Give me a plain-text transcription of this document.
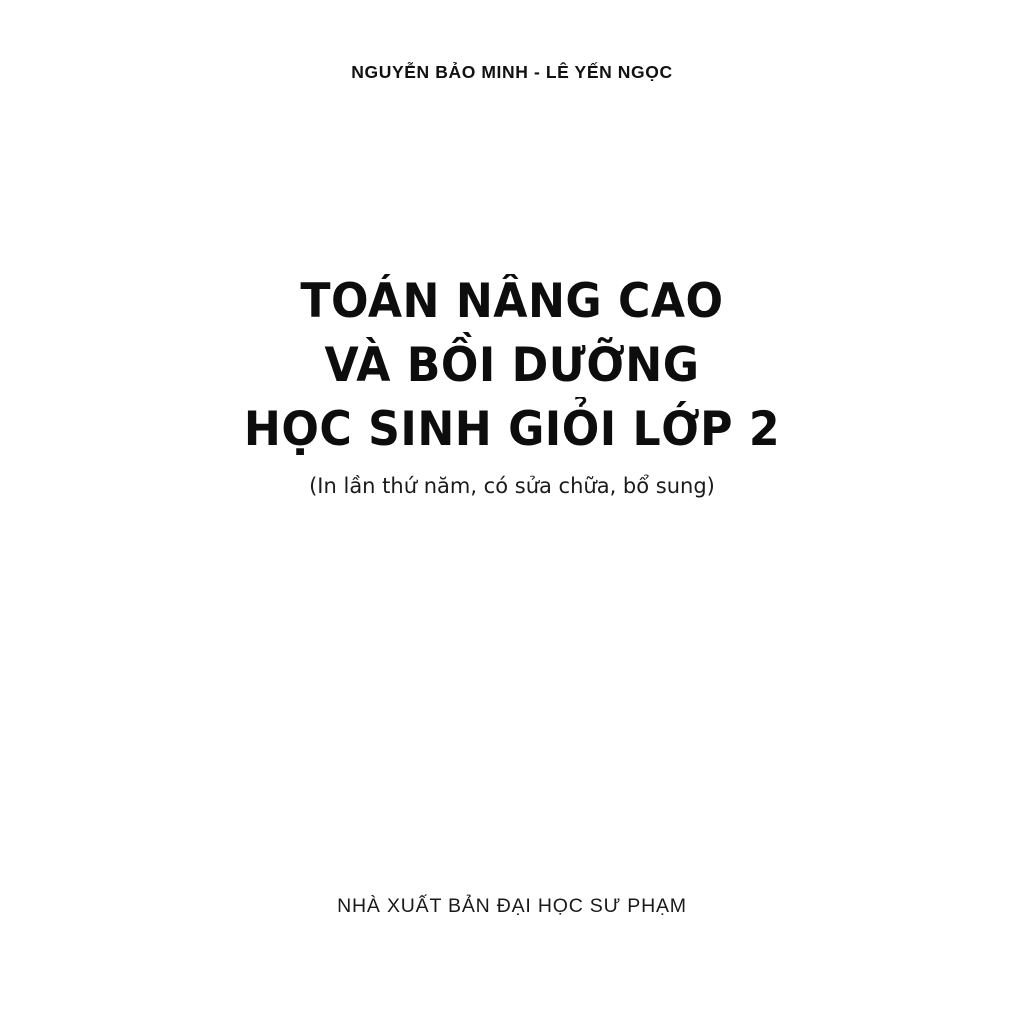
NGUYỄN BẢO MINH - LÊ YẾN NGỌC
TOÁN NÂNG CAO
VÀ BỒI DƯỠNG
HỌC SINH GIỎI LỚP 2
(In lần thứ năm, có sửa chữa, bổ sung)
NHÀ XUẤT BẢN ĐẠI HỌC SƯ PHẠM
